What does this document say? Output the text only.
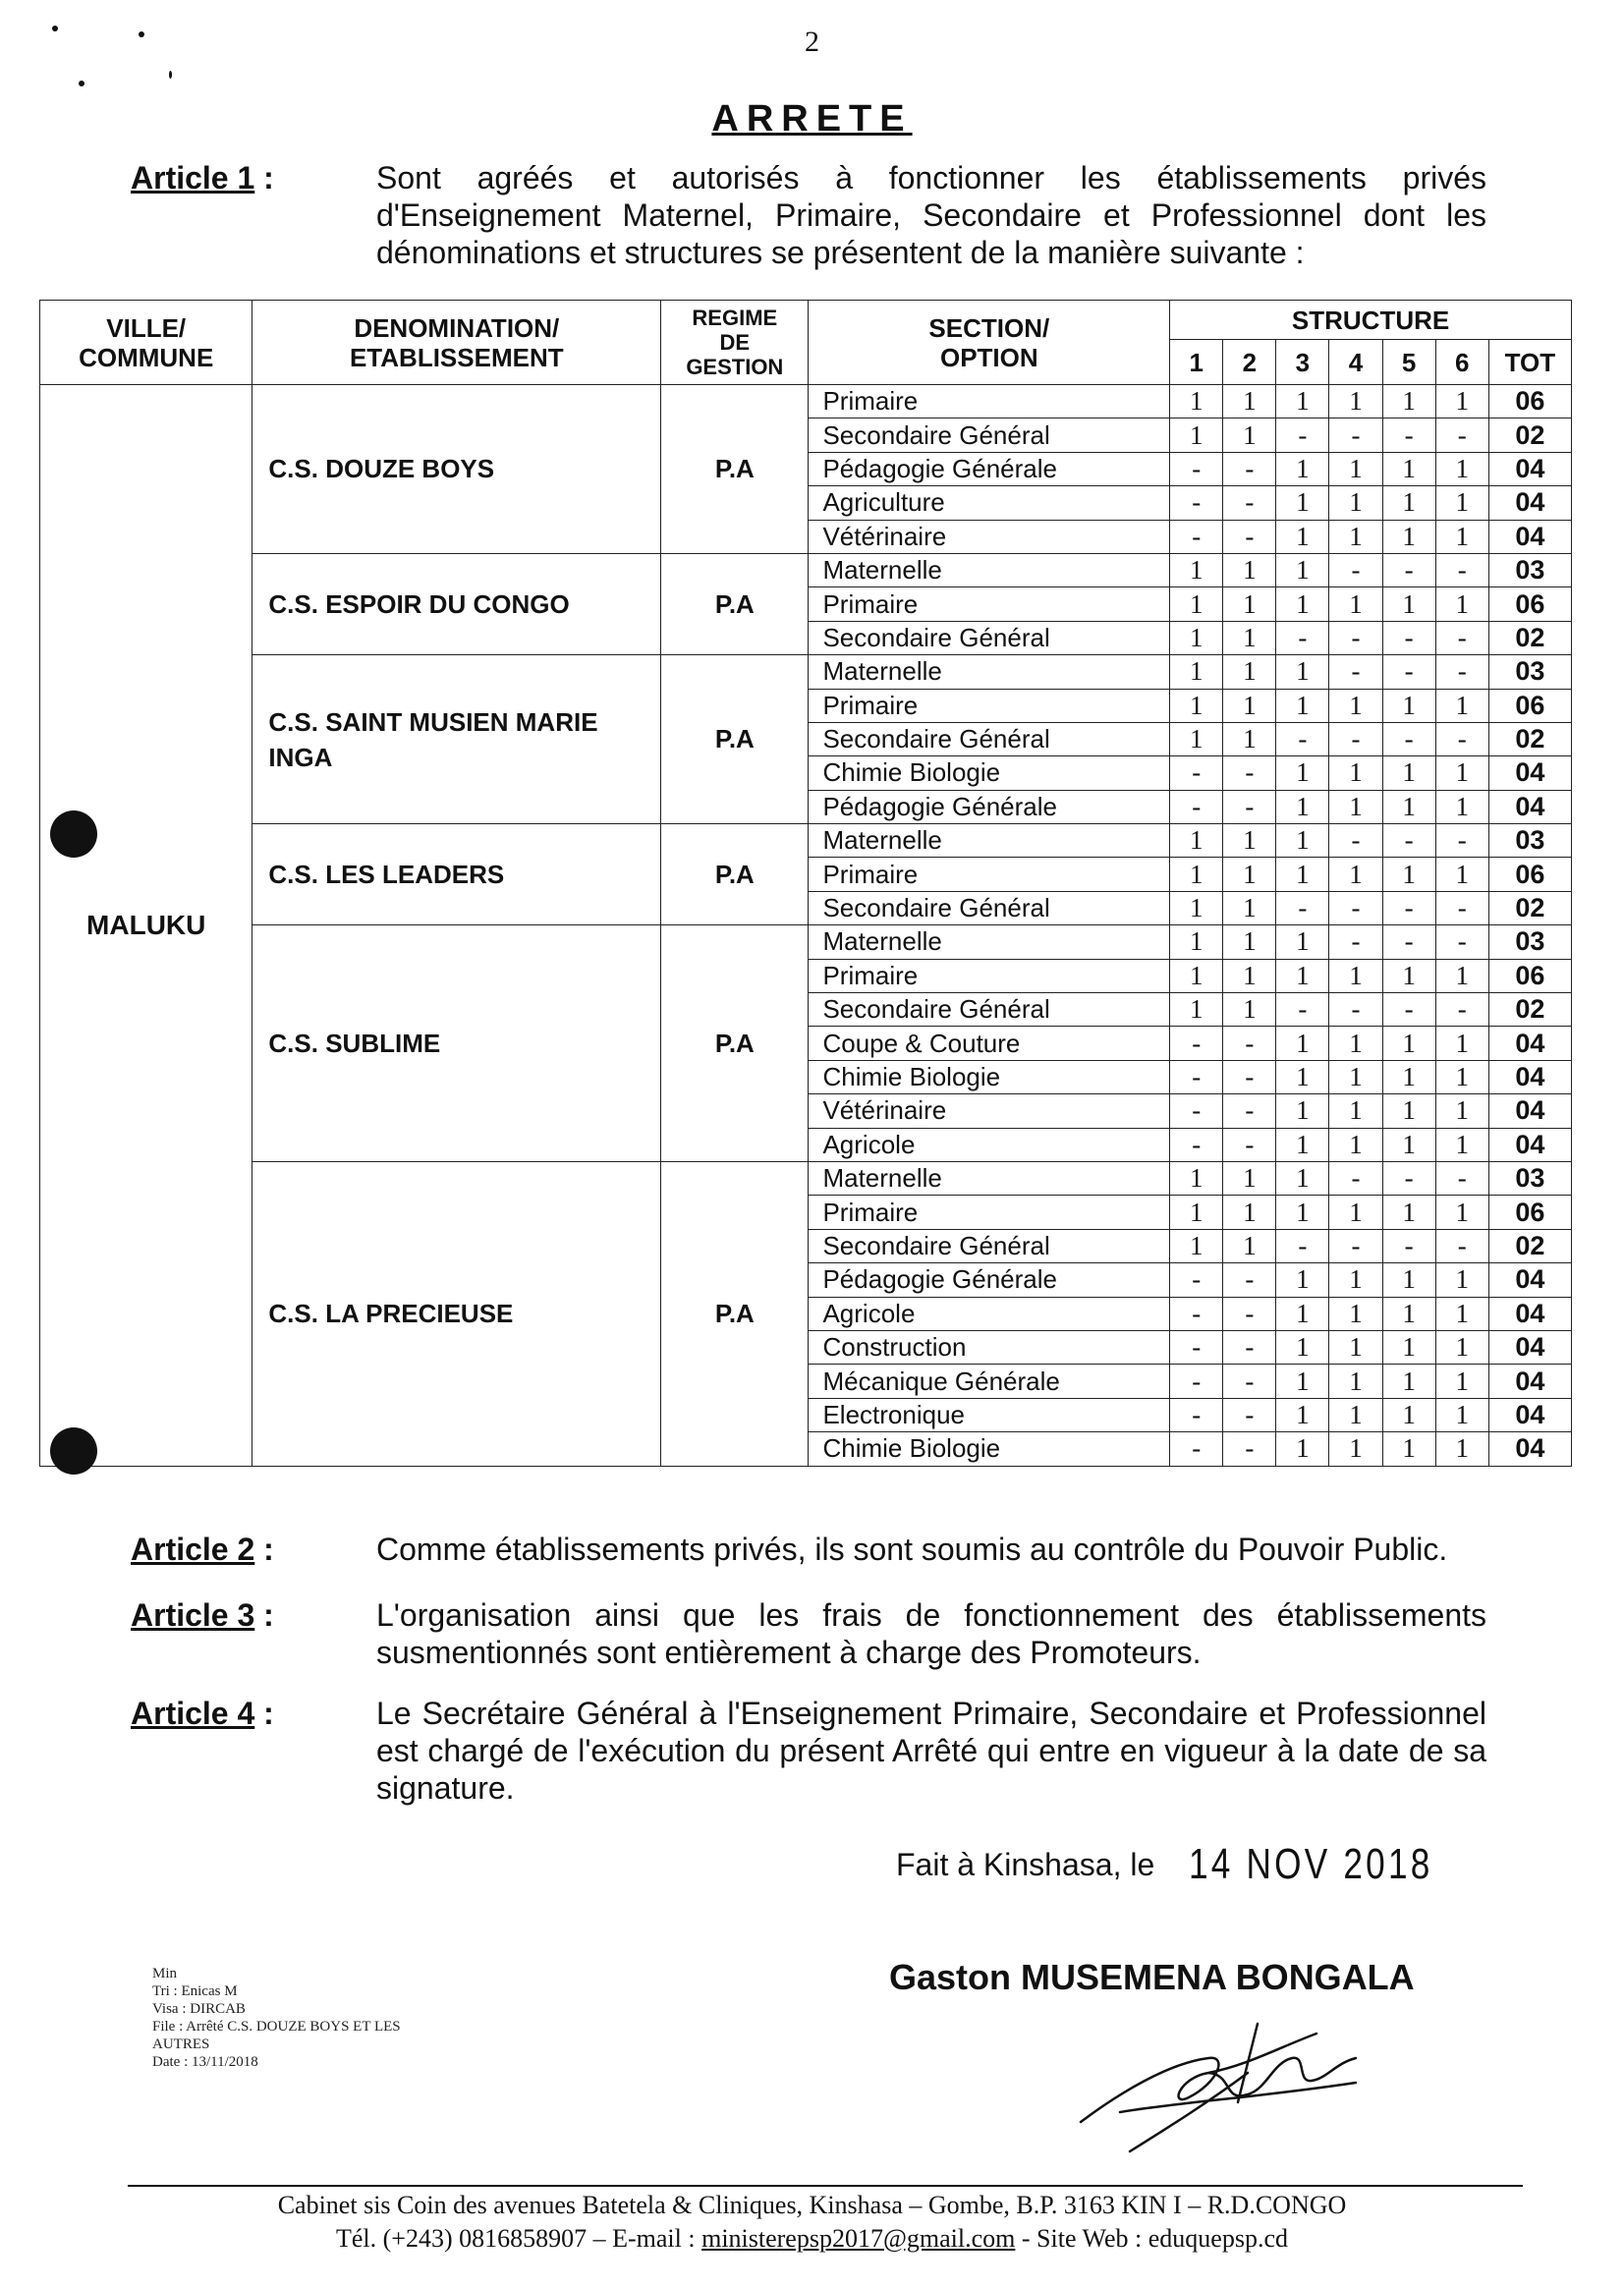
2
ARRETE
Article 1 :	Sont agréés et autorisés à fonctionner les établissements privés d'Enseignement Maternel, Primaire, Secondaire et Professionnel dont les dénominations et structures se présentent de la manière suivante :
VILLE/ COMMUNE	DENOMINATION/ ETABLISSEMENT	REGIME DE GESTION	SECTION/ OPTION	STRUCTURE						
				1	2	3	4	5	6	TOT
MALUKU	C.S. DOUZE BOYS	P.A	Primaire	1	1	1	1	1	1	06
			Secondaire Général	1	1	-	-	-	-	02
			Pédagogie Générale	-	-	1	1	1	1	04
			Agriculture	-	-	1	1	1	1	04
			Vétérinaire	-	-	1	1	1	1	04
	C.S. ESPOIR DU CONGO	P.A	Maternelle	1	1	1	-	-	-	03
			Primaire	1	1	1	1	1	1	06
			Secondaire Général	1	1	-	-	-	-	02
	C.S. SAINT MUSIEN MARIE INGA	P.A	Maternelle	1	1	1	-	-	-	03
			Primaire	1	1	1	1	1	1	06
			Secondaire Général	1	1	-	-	-	-	02
			Chimie Biologie	-	-	1	1	1	1	04
			Pédagogie Générale	-	-	1	1	1	1	04
	C.S. LES LEADERS	P.A	Maternelle	1	1	1	-	-	-	03
			Primaire	1	1	1	1	1	1	06
			Secondaire Général	1	1	-	-	-	-	02
	C.S. SUBLIME	P.A	Maternelle	1	1	1	-	-	-	03
			Primaire	1	1	1	1	1	1	06
			Secondaire Général	1	1	-	-	-	-	02
			Coupe & Couture	-	-	1	1	1	1	04
			Chimie Biologie	-	-	1	1	1	1	04
			Vétérinaire	-	-	1	1	1	1	04
			Agricole	-	-	1	1	1	1	04
	C.S. LA PRECIEUSE	P.A	Maternelle	1	1	1	-	-	-	03
			Primaire	1	1	1	1	1	1	06
			Secondaire Général	1	1	-	-	-	-	02
			Pédagogie Générale	-	-	1	1	1	1	04
			Agricole	-	-	1	1	1	1	04
			Construction	-	-	1	1	1	1	04
			Mécanique Générale	-	-	1	1	1	1	04
			Electronique	-	-	1	1	1	1	04
			Chimie Biologie	-	-	1	1	1	1	04
Article 2 :	Comme établissements privés, ils sont soumis au contrôle du Pouvoir Public.
Article 3 :	L'organisation ainsi que les frais de fonctionnement des établissements susmentionnés sont entièrement à charge des Promoteurs.
Article 4 :	Le Secrétaire Général à l'Enseignement Primaire, Secondaire et Professionnel est chargé de l'exécution du présent Arrêté qui entre en vigueur à la date de sa signature.
Fait à Kinshasa, le 14 NOV 2018
Gaston MUSEMENA BONGALA
Min
Tri : Enicas M
Visa : DIRCAB
File : Arrêté C.S. DOUZE BOYS ET LES
AUTRES
Date : 13/11/2018
Cabinet sis Coin des avenues Batetela & Cliniques, Kinshasa – Gombe, B.P. 3163 KIN I – R.D.CONGO
Tél. (+243) 0816858907 – E-mail : ministerepsp2017@gmail.com - Site Web : eduquepsp.cd
